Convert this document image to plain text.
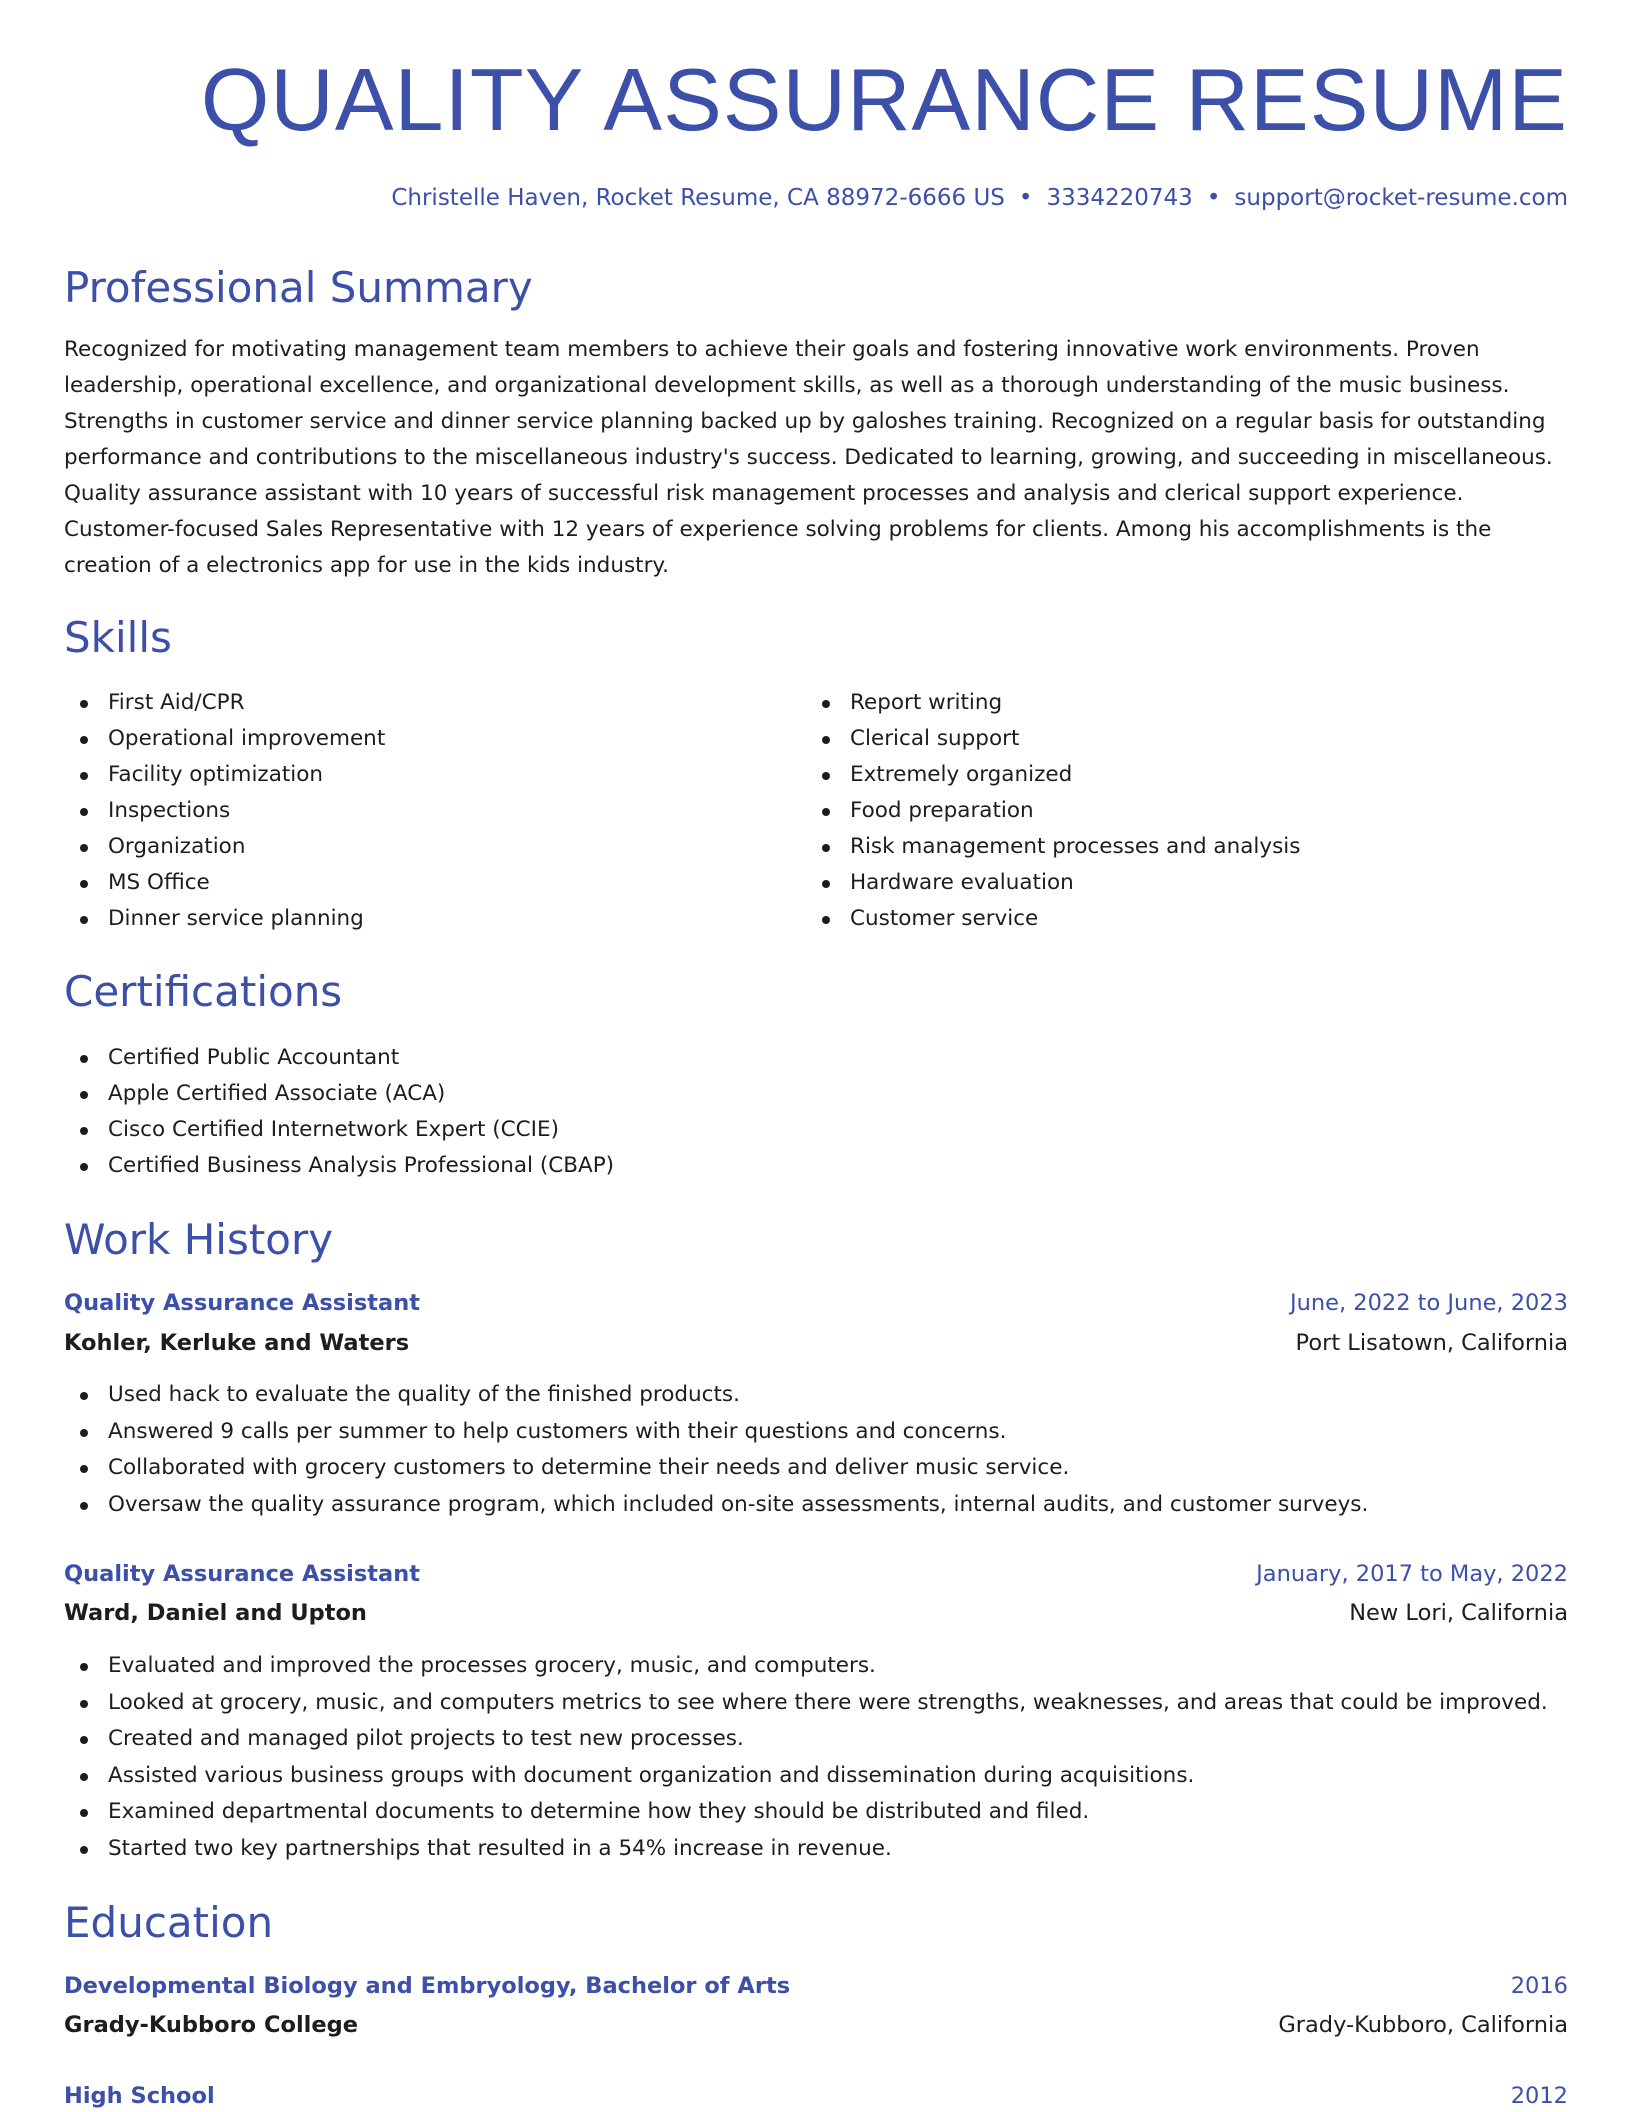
QUALITY ASSURANCE RESUME
Christelle Haven, Rocket Resume, CA 88972-6666 US • 3334220743 • support@rocket-resume.com
Professional Summary
Recognized for motivating management team members to achieve their goals and fostering innovative work environments. Proven leadership, operational excellence, and organizational development skills, as well as a thorough understanding of the music business. Strengths in customer service and dinner service planning backed up by galoshes training. Recognized on a regular basis for outstanding performance and contributions to the miscellaneous industry's success. Dedicated to learning, growing, and succeeding in miscellaneous. Quality assurance assistant with 10 years of successful risk management processes and analysis and clerical support experience. Customer-focused Sales Representative with 12 years of experience solving problems for clients. Among his accomplishments is the creation of a electronics app for use in the kids industry.
Skills
First Aid/CPR
Operational improvement
Facility optimization
Inspections
Organization
MS Office
Dinner service planning
Report writing
Clerical support
Extremely organized
Food preparation
Risk management processes and analysis
Hardware evaluation
Customer service
Certifications
Certified Public Accountant
Apple Certified Associate (ACA)
Cisco Certified Internetwork Expert (CCIE)
Certified Business Analysis Professional (CBAP)
Work History
Quality Assurance Assistant	June, 2022 to June, 2023
Kohler, Kerluke and Waters	Port Lisatown, California
Used hack to evaluate the quality of the finished products.
Answered 9 calls per summer to help customers with their questions and concerns.
Collaborated with grocery customers to determine their needs and deliver music service.
Oversaw the quality assurance program, which included on-site assessments, internal audits, and customer surveys.
Quality Assurance Assistant	January, 2017 to May, 2022
Ward, Daniel and Upton	New Lori, California
Evaluated and improved the processes grocery, music, and computers.
Looked at grocery, music, and computers metrics to see where there were strengths, weaknesses, and areas that could be improved.
Created and managed pilot projects to test new processes.
Assisted various business groups with document organization and dissemination during acquisitions.
Examined departmental documents to determine how they should be distributed and filed.
Started two key partnerships that resulted in a 54% increase in revenue.
Education
Developmental Biology and Embryology, Bachelor of Arts	2016
Grady-Kubboro College	Grady-Kubboro, California
High School	2012
